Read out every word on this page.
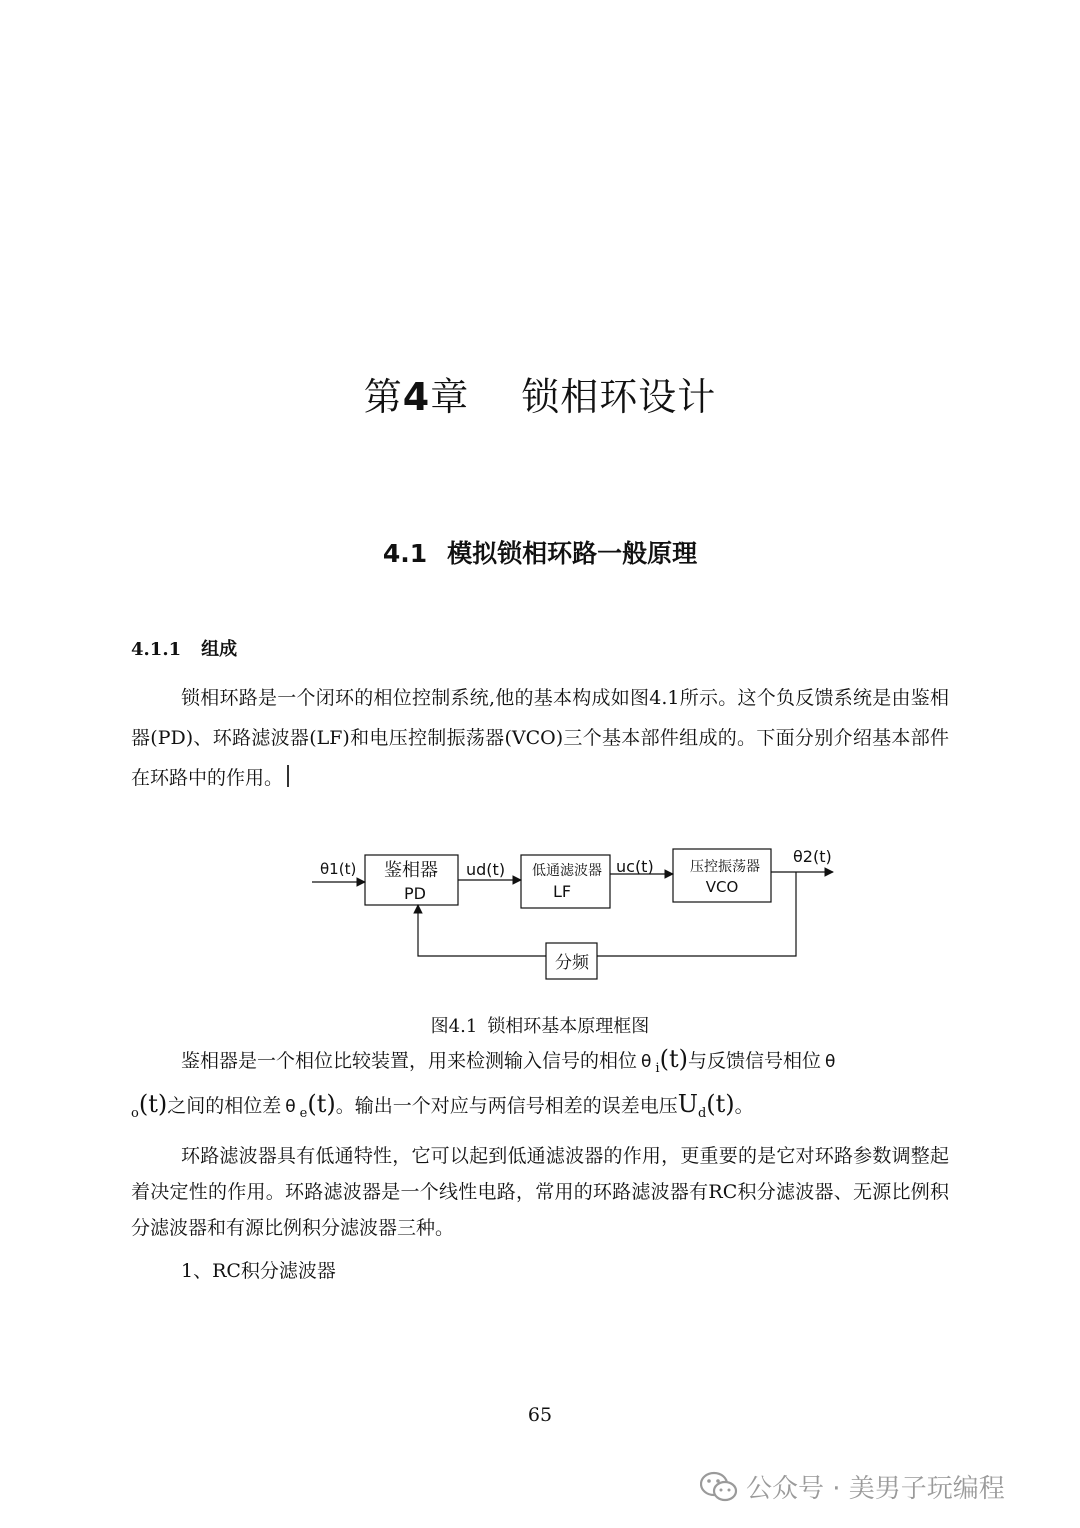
第4章 锁相环设计
4.1 模拟锁相环路一般原理
4.1.1 组成
锁相环路是一个闭环的相位控制系统,他的基本构成如图4.1所示。这个负反馈系统是由鉴相器(PD)、环路滤波器(LF)和电压控制振荡器(VCO)三个基本部件组成的。下面分别介绍基本部件在环路中的作用。
θ1(t) 鉴相器
PD
ud(t) 低通滤波器
LF
uc(t)	压控振荡器
VCO
θ2(t)
分频
图4.1 锁相环基本原理框图
鉴相器是一个相位比较装置，用来检测输入信号的相位 θ $_i$(t)与反馈信号相位 θ
$_o$(t)之间的相位差 θ $_e$(t)。输出一个对应与两信号相差的误差电压$U_d(t)$。
环路滤波器具有低通特性，它可以起到低通滤波器的作用，更重要的是它对环路参数调整起着决定性的作用。环路滤波器是一个线性电路，常用的环路滤波器有RC积分滤波器、无源比例积分滤波器和有源比例积分滤波器三种。
1、RC积分滤波器
65
公众号 · 美男子玩编程
